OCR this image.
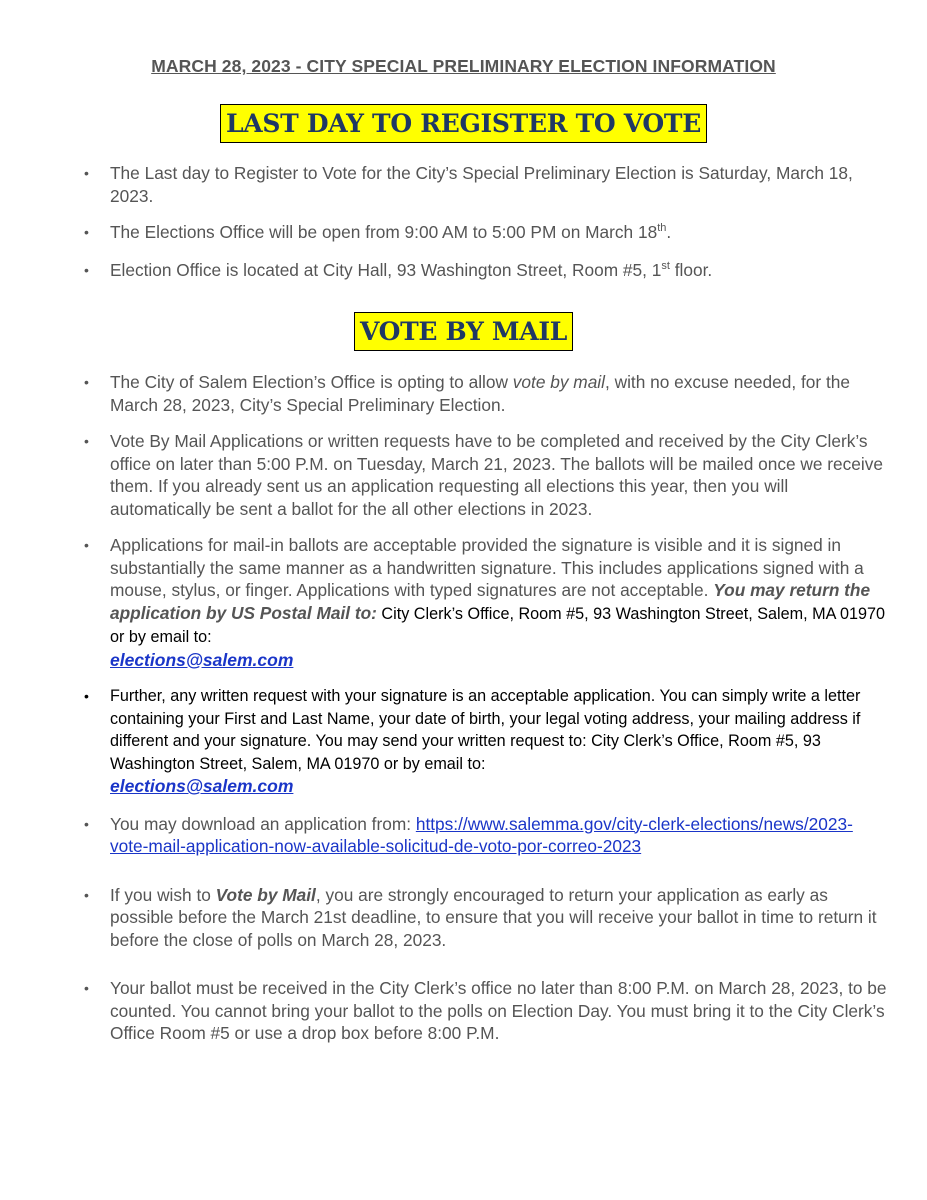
MARCH 28, 2023 - CITY SPECIAL PRELIMINARY ELECTION INFORMATION
LAST DAY TO REGISTER TO VOTE
• The Last day to Register to Vote for the City’s Special Preliminary Election is Saturday, March 18, 2023.
• The Elections Office will be open from 9:00 AM to 5:00 PM on March 18th.
• Election Office is located at City Hall, 93 Washington Street, Room #5, 1st floor.
VOTE BY MAIL
• The City of Salem Election’s Office is opting to allow vote by mail, with no excuse needed, for the March 28, 2023, City’s Special Preliminary Election.
• Vote By Mail Applications or written requests have to be completed and received by the City Clerk’s office on later than 5:00 P.M. on Tuesday, March 21, 2023. The ballots will be mailed once we receive them. If you already sent us an application requesting all elections this year, then you will automatically be sent a ballot for the all other elections in 2023.
• Applications for mail-in ballots are acceptable provided the signature is visible and it is signed in substantially the same manner as a handwritten signature. This includes applications signed with a mouse, stylus, or finger. Applications with typed signatures are not acceptable. You may return the application by US Postal Mail to: City Clerk’s Office, Room #5, 93 Washington Street, Salem, MA 01970 or by email to:
elections@salem.com
• Further, any written request with your signature is an acceptable application. You can simply write a letter containing your First and Last Name, your date of birth, your legal voting address, your mailing address if different and your signature. You may send your written request to: City Clerk’s Office, Room #5, 93 Washington Street, Salem, MA 01970 or by email to:
elections@salem.com
• You may download an application from: https://www.salemma.gov/city-clerk-elections/news/2023-vote-mail-application-now-available-solicitud-de-voto-por-correo-2023
• If you wish to Vote by Mail, you are strongly encouraged to return your application as early as possible before the March 21st deadline, to ensure that you will receive your ballot in time to return it before the close of polls on March 28, 2023.
• Your ballot must be received in the City Clerk’s office no later than 8:00 P.M. on March 28, 2023, to be counted. You cannot bring your ballot to the polls on Election Day. You must bring it to the City Clerk’s Office Room #5 or use a drop box before 8:00 P.M.
